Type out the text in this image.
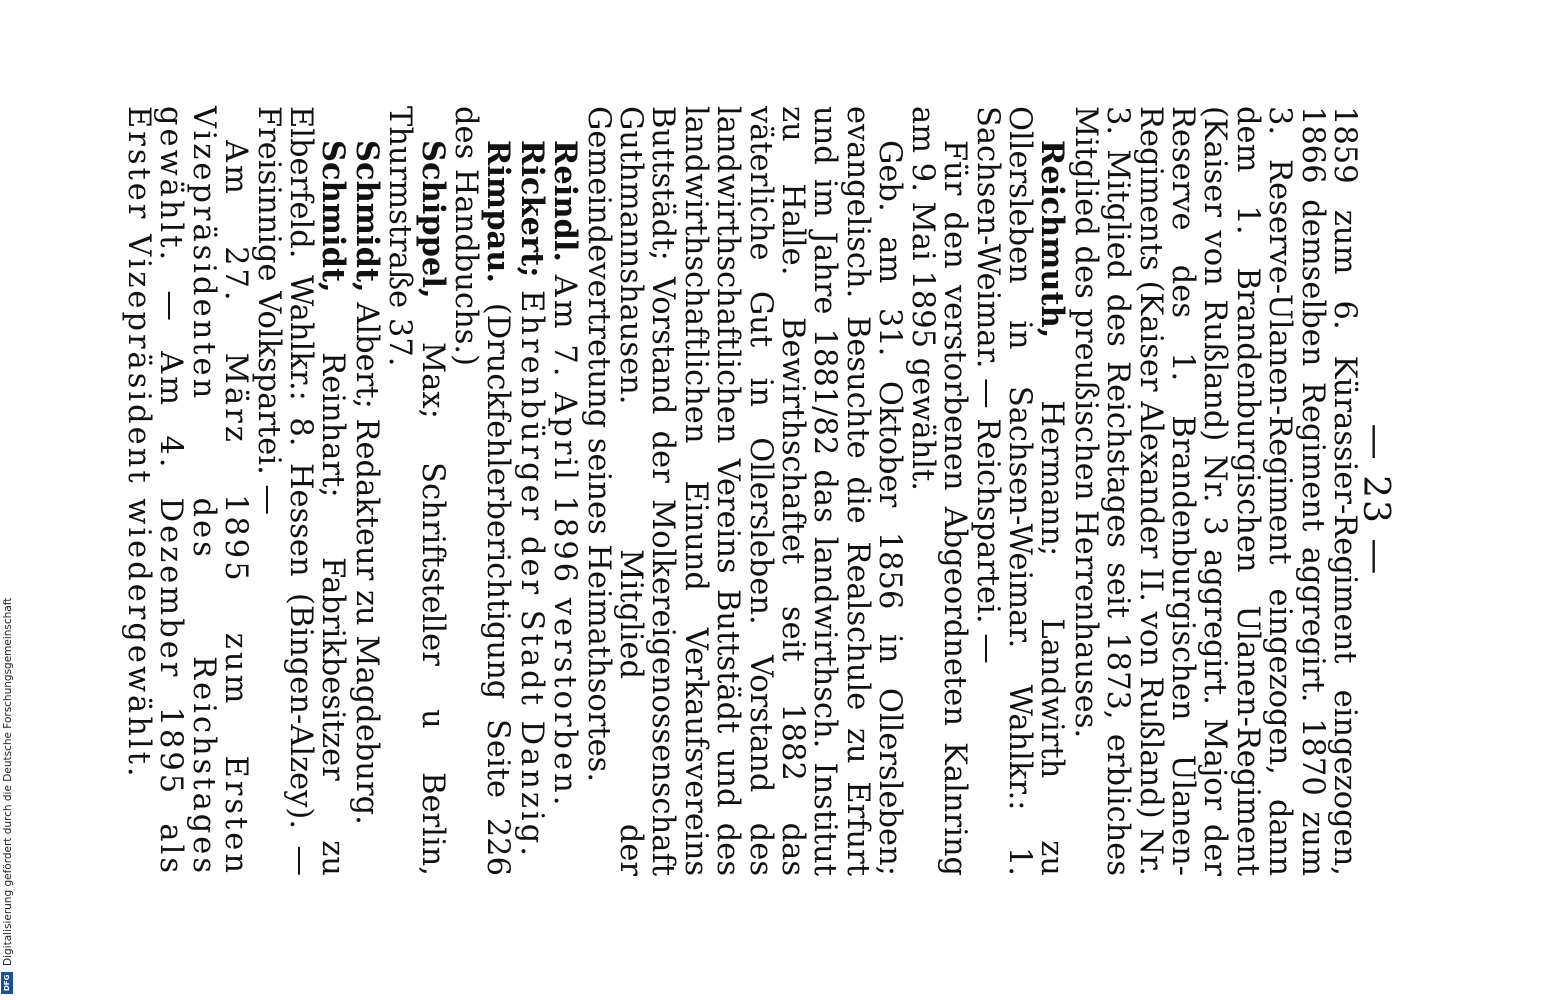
— 23 —

1859 zum 6. Kürassier-Regiment eingezogen, 1866 demselben Regiment aggregirt. 1870 zum 3. Reserve-Ulanen-Regiment eingezogen, dann dem 1. Brandenburgischen Ulanen-Regiment (Kaiser von Rußland) Nr. 3 aggregirt. Major der Reserve des 1. Brandenburgischen Ulanen-Regiments (Kaiser Alexander II. von Rußland) Nr. 3. Mitglied des Reichstages seit 1873, erbliches Mitglied des preußischen Herrenhauses.

Reichmuth, Hermann; Landwirth zu Ollersleben in Sachsen-Weimar. Wahlkr.: 1. Sachsen-Weimar. — Reichspartei. —

Für den verstorbenen Abgeordneten Kalnring am 9. Mai 1895 gewählt.

Geb. am 31. Oktober 1856 in Ollersleben; evangelisch. Besuchte die Realschule zu Erfurt und im Jahre 1881/82 das landwirthsch. Institut zu Halle. Bewirthschaftet seit 1882 das väterliche Gut in Ollersleben. Vorstand des landwirthschaftlichen Vereins Buttstädt und des landwirthschaftlichen Einund Verkaufsvereins Buttstädt; Vorstand der Molkereigenossenschaft Guthmannshausen. Mitglied der Gemeindevertretung seines Heimathsortes.

Reindl. Am 7. April 1896 verstorben.

Rickert; Ehrenbürger der Stadt Danzig.

Rimpau. (Druckfehlerberichtigung Seite 226 des Handbuchs.)

Schippel, Max; Schriftsteller u Berlin, Thurmstraße 37.

Schmidt, Albert; Redakteur zu Magdeburg.

Schmidt, Reinhart; Fabrikbesitzer zu Elberfeld. Wahlkr.: 8. Hessen (Bingen-Alzey). — Freisinnige Volkspartei. —

Am 27. März 1895 zum Ersten Vizepräsidenten des Reichstages gewählt. — Am 4. Dezember 1895 als Erster Vizepräsident wiedergewählt.

Digitalisierung gefördert durch die Deutsche Forschungsgemeinschaft
DFG
